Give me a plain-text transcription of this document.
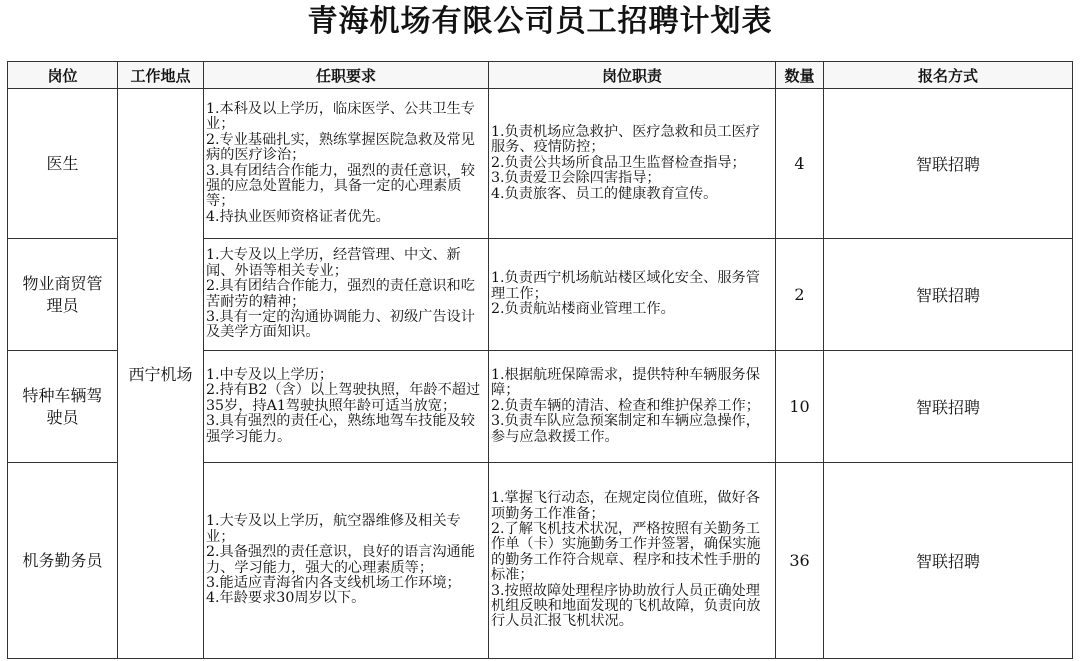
青海机场有限公司员工招聘计划表
岗位	工作地点	任职要求	岗位职责	数量	报名方式
医生	西宁机场	1.本科及以上学历，临床医学、公共卫生专业；
2.专业基础扎实，熟练掌握医院急救及常见病的医疗诊治；
3.具有团结合作能力，强烈的责任意识，较强的应急处置能力，具备一定的心理素质等；
4.持执业医师资格证者优先。	1.负责机场应急救护、医疗急救和员工医疗服务、疫情防控；
2.负责公共场所食品卫生监督检查指导；
3.负责爱卫会除四害指导；
4.负责旅客、员工的健康教育宣传。	4	智联招聘
物业商贸管理员		1.大专及以上学历，经营管理、中文、新闻、外语等相关专业；
2.具有团结合作能力，强烈的责任意识和吃苦耐劳的精神；
3.具有一定的沟通协调能力、初级广告设计及美学方面知识。	1.负责西宁机场航站楼区域化安全、服务管理工作；
2.负责航站楼商业管理工作。	2	智联招聘
特种车辆驾驶员		1.中专及以上学历；
2.持有B2（含）以上驾驶执照，年龄不超过35岁，持A1驾驶执照年龄可适当放宽；
3.具有强烈的责任心，熟练地驾车技能及较强学习能力。	1.根据航班保障需求，提供特种车辆服务保障；
2.负责车辆的清洁、检查和维护保养工作；
3.负责车队应急预案制定和车辆应急操作，参与应急救援工作。	10	智联招聘
机务勤务员		1.大专及以上学历，航空器维修及相关专业；
2.具备强烈的责任意识，良好的语言沟通能力、学习能力，强大的心理素质等；
3.能适应青海省内各支线机场工作环境；
4.年龄要求30周岁以下。	1.掌握飞行动态，在规定岗位值班，做好各项勤务工作准备；
2.了解飞机技术状况，严格按照有关勤务工作单（卡）实施勤务工作并签署，确保实施的勤务工作符合规章、程序和技术性手册的标准；
3.按照故障处理程序协助放行人员正确处理机组反映和地面发现的飞机故障，负责向放行人员汇报飞机状况。	36	智联招聘
